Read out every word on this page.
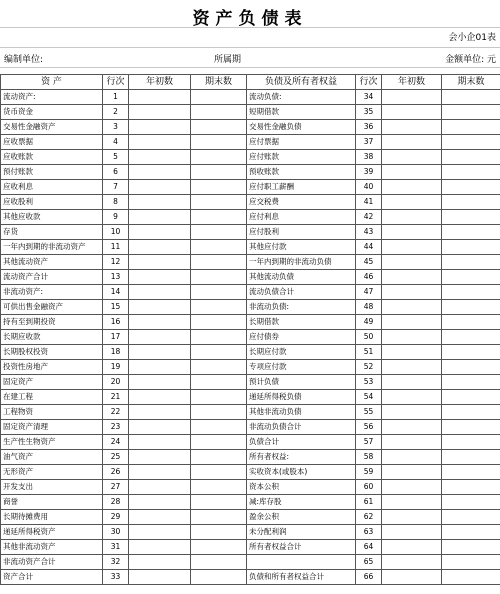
资产负债表
会小企01表
编制单位:	所属期	金额单位: 元
资 产	行次	年初数	期末数	负债及所有者权益	行次	年初数	期末数
流动资产:	1			流动负债:	34		
货币资金	2			短期借款	35		
交易性金融资产	3			交易性金融负债	36		
应收票据	4			应付票据	37		
应收账款	5			应付账款	38		
预付账款	6			预收账款	39		
应收利息	7			应付职工薪酬	40		
应收股利	8			应交税费	41		
其他应收款	9			应付利息	42		
存货	10			应付股利	43		
一年内到期的非流动资产	11			其他应付款	44		
其他流动资产	12			一年内到期的非流动负债	45		
流动资产合计	13			其他流动负债	46		
非流动资产:	14			流动负债合计	47		
可供出售金融资产	15			非流动负债:	48		
持有至到期投资	16			长期借款	49		
长期应收款	17			应付债券	50		
长期股权投资	18			长期应付款	51		
投资性房地产	19			专项应付款	52		
固定资产	20			预计负债	53		
在建工程	21			递延所得税负债	54		
工程物资	22			其他非流动负债	55		
固定资产清理	23			非流动负债合计	56		
生产性生物资产	24			负债合计	57		
油气资产	25			所有者权益:	58		
无形资产	26			实收资本(或股本)	59		
开发支出	27			资本公积	60		
商誉	28			减:库存股	61		
长期待摊费用	29			盈余公积	62		
递延所得税资产	30			未分配利润	63		
其他非流动资产	31			所有者权益合计	64		
非流动资产合计	32				65		
资产合计	33			负债和所有者权益合计	66		
